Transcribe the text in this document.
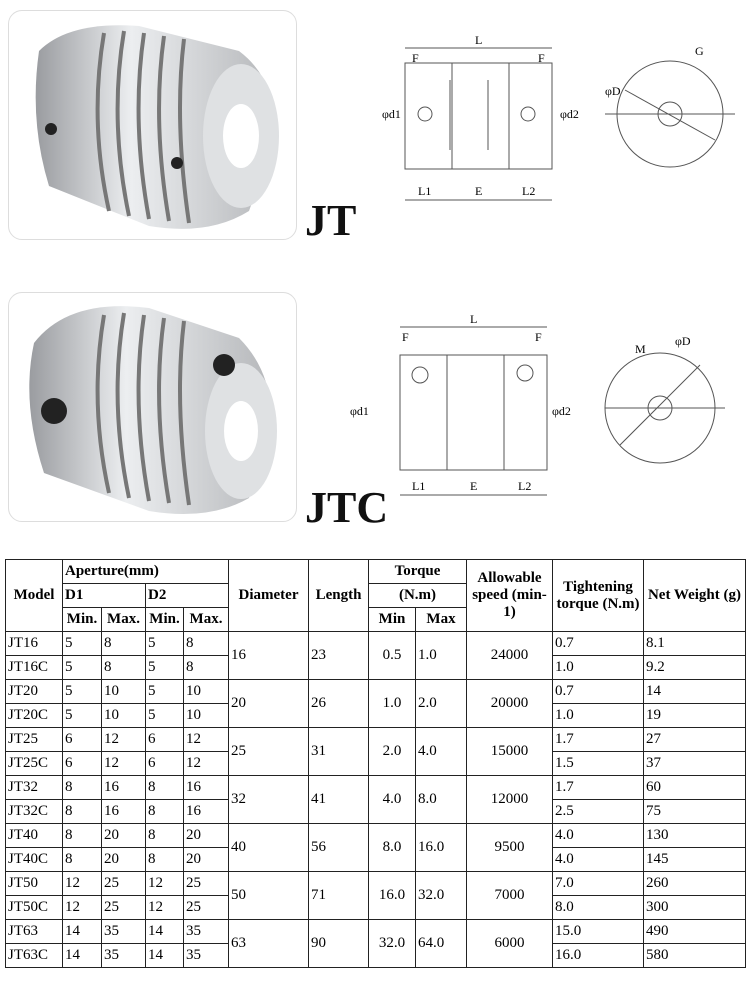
JT
JTC
L
F	F
L1	E	L2
φd1	φd2
φD
G
L
F	F
L1	E	L2
φd1	φd2
φD
M
Model	Aperture(mm)				Diameter	Length	Torque		Allowable speed (min-1)	Tightening torque (N.m)	Net Weight (g)
	D1		D2				(N.m)				
	Min.	Max.	Min.	Max.			Min	Max			
JT16	5	8	5	8	16	23	0.5	1.0	24000	0.7	8.1
JT16C	5	8	5	8						1.0	9.2
JT20	5	10	5	10	20	26	1.0	2.0	20000	0.7	14
JT20C	5	10	5	10						1.0	19
JT25	6	12	6	12	25	31	2.0	4.0	15000	1.7	27
JT25C	6	12	6	12						1.5	37
JT32	8	16	8	16	32	41	4.0	8.0	12000	1.7	60
JT32C	8	16	8	16						2.5	75
JT40	8	20	8	20	40	56	8.0	16.0	9500	4.0	130
JT40C	8	20	8	20						4.0	145
JT50	12	25	12	25	50	71	16.0	32.0	7000	7.0	260
JT50C	12	25	12	25						8.0	300
JT63	14	35	14	35	63	90	32.0	64.0	6000	15.0	490
JT63C	14	35	14	35						16.0	580
